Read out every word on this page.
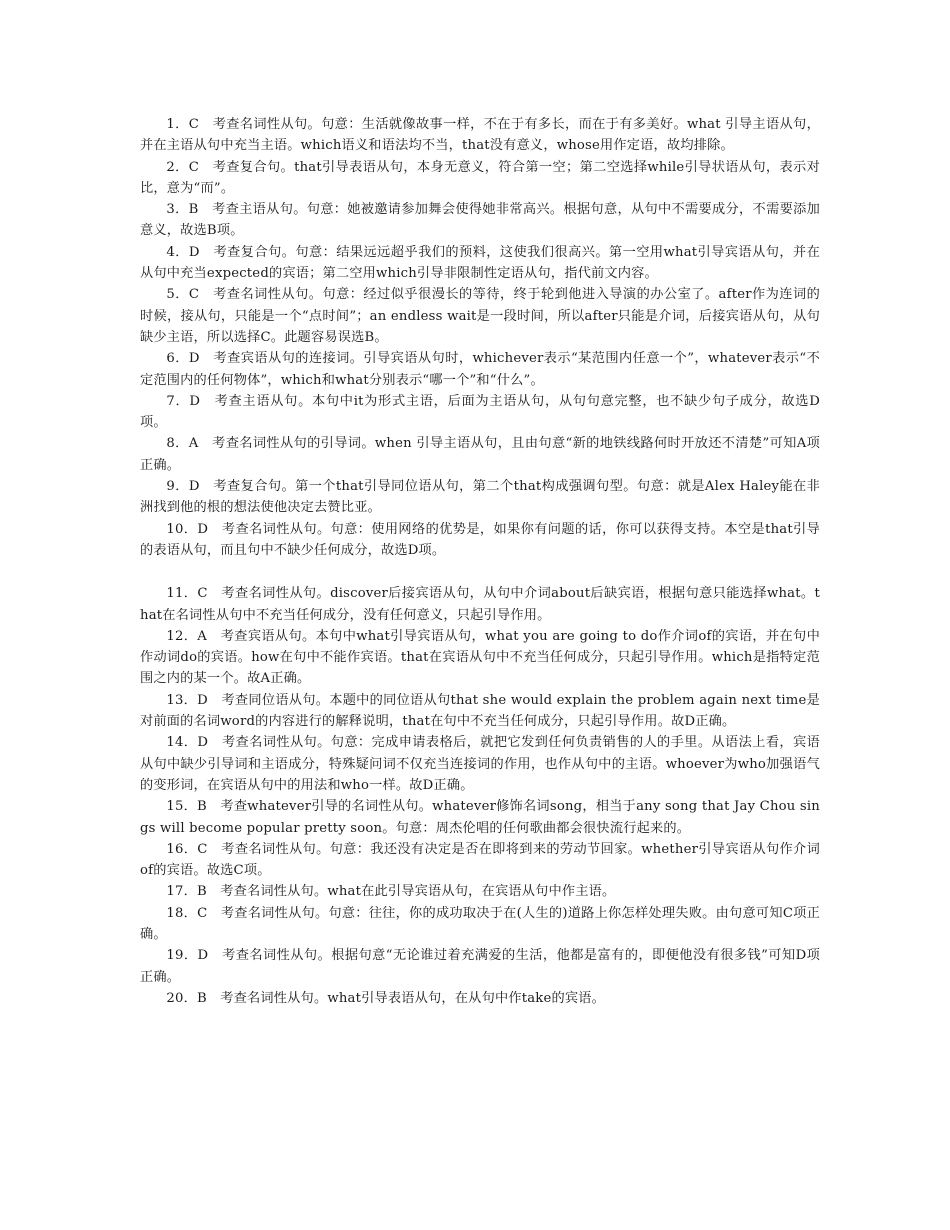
1．C　考查名词性从句。句意：生活就像故事一样，不在于有多长，而在于有多美好。what 引导主语从句，并在主语从句中充当主语。which语义和语法均不当，that没有意义，whose用作定语，故均排除。

2．C　考查复合句。that引导表语从句，本身无意义，符合第一空；第二空选择while引导状语从句，表示对比，意为“而”。

3．B　考查主语从句。句意：她被邀请参加舞会使得她非常高兴。根据句意，从句中不需要成分，不需要添加意义，故选B项。

4．D　考查复合句。句意：结果远远超乎我们的预料，这使我们很高兴。第一空用what引导宾语从句，并在从句中充当expected的宾语；第二空用which引导非限制性定语从句，指代前文内容。

5．C　考查名词性从句。句意：经过似乎很漫长的等待，终于轮到他进入导演的办公室了。after作为连词的时候，接从句，只能是一个“点时间”；an endless wait是一段时间，所以after只能是介词，后接宾语从句，从句缺少主语，所以选择C。此题容易误选B。

6．D　考查宾语从句的连接词。引导宾语从句时，whichever表示“某范围内任意一个”，whatever表示“不定范围内的任何物体”，which和what分别表示“哪一个”和“什么”。

7．D　考查主语从句。本句中it为形式主语，后面为主语从句，从句句意完整，也不缺少句子成分，故选D项。

8．A　考查名词性从句的引导词。when 引导主语从句，且由句意“新的地铁线路何时开放还不清楚”可知A项正确。

9．D　考查复合句。第一个that引导同位语从句，第二个that构成强调句型。句意：就是Alex Haley能在非洲找到他的根的想法使他决定去赞比亚。

10．D　考查名词性从句。句意：使用网络的优势是，如果你有问题的话，你可以获得支持。本空是that引导的表语从句，而且句中不缺少任何成分，故选D项。

11．C　考查名词性从句。discover后接宾语从句，从句中介词about后缺宾语，根据句意只能选择what。that在名词性从句中不充当任何成分，没有任何意义，只起引导作用。

12．A　考查宾语从句。本句中what引导宾语从句，what you are going to do作介词of的宾语，并在句中作动词do的宾语。how在句中不能作宾语。that在宾语从句中不充当任何成分，只起引导作用。which是指特定范围之内的某一个。故A正确。

13．D　考查同位语从句。本题中的同位语从句that she would explain the problem again next time是对前面的名词word的内容进行的解释说明，that在句中不充当任何成分，只起引导作用。故D正确。

14．D　考查名词性从句。句意：完成申请表格后，就把它发到任何负责销售的人的手里。从语法上看，宾语从句中缺少引导词和主语成分，特殊疑问词不仅充当连接词的作用，也作从句中的主语。whoever为who加强语气的变形词，在宾语从句中的用法和who一样。故D正确。

15．B　考查whatever引导的名词性从句。whatever修饰名词song，相当于any song that Jay Chou sings will become popular pretty soon。句意：周杰伦唱的任何歌曲都会很快流行起来的。

16．C　考查名词性从句。句意：我还没有决定是否在即将到来的劳动节回家。whether引导宾语从句作介词of的宾语。故选C项。

17．B　考查名词性从句。what在此引导宾语从句，在宾语从句中作主语。

18．C　考查名词性从句。句意：往往，你的成功取决于在(人生的)道路上你怎样处理失败。由句意可知C项正确。

19．D　考查名词性从句。根据句意“无论谁过着充满爱的生活，他都是富有的，即便他没有很多钱”可知D项正确。

20．B　考查名词性从句。what引导表语从句，在从句中作take的宾语。
